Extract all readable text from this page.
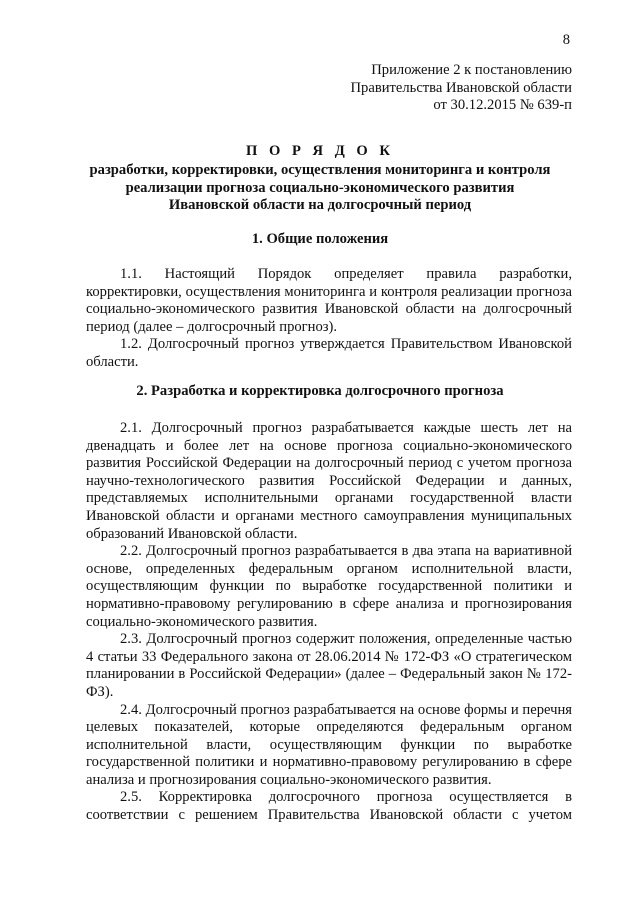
8
Приложение 2 к постановлению
Правительства Ивановской области
от 30.12.2015 № 639-п
П О Р Я Д О К
разработки, корректировки, осуществления мониторинга и контроля
реализации прогноза социально-экономического развития
Ивановской области на долгосрочный период
1. Общие положения

1.1. Настоящий Порядок определяет правила разработки, корректировки, осуществления мониторинга и контроля реализации прогноза социально-экономического развития Ивановской области на долгосрочный период (далее – долгосрочный прогноз).

1.2. Долгосрочный прогноз утверждается Правительством Ивановской области.

2. Разработка и корректировка долгосрочного прогноза

2.1. Долгосрочный прогноз разрабатывается каждые шесть лет на двенадцать и более лет на основе прогноза социально-экономического развития Российской Федерации на долгосрочный период с учетом прогноза научно-технологического развития Российской Федерации и данных, представляемых исполнительными органами государственной власти Ивановской области и органами местного самоуправления муниципальных образований Ивановской области.

2.2. Долгосрочный прогноз разрабатывается в два этапа на вариативной основе, определенных федеральным органом исполнительной власти, осуществляющим функции по выработке государственной политики и нормативно-правовому регулированию в сфере анализа и прогнозирования социально-экономического развития.

2.3. Долгосрочный прогноз содержит положения, определенные частью 4 статьи 33 Федерального закона от 28.06.2014 № 172-ФЗ «О стратегическом планировании в Российской Федерации» (далее – Федеральный закон № 172-ФЗ).

2.4. Долгосрочный прогноз разрабатывается на основе формы и перечня целевых показателей, которые определяются федеральным органом исполнительной власти, осуществляющим функции по выработке государственной политики и нормативно-правовому регулированию в сфере анализа и прогнозирования социально-экономического развития.

2.5. Корректировка долгосрочного прогноза осуществляется в соответствии с решением Правительства Ивановской области с учетом
